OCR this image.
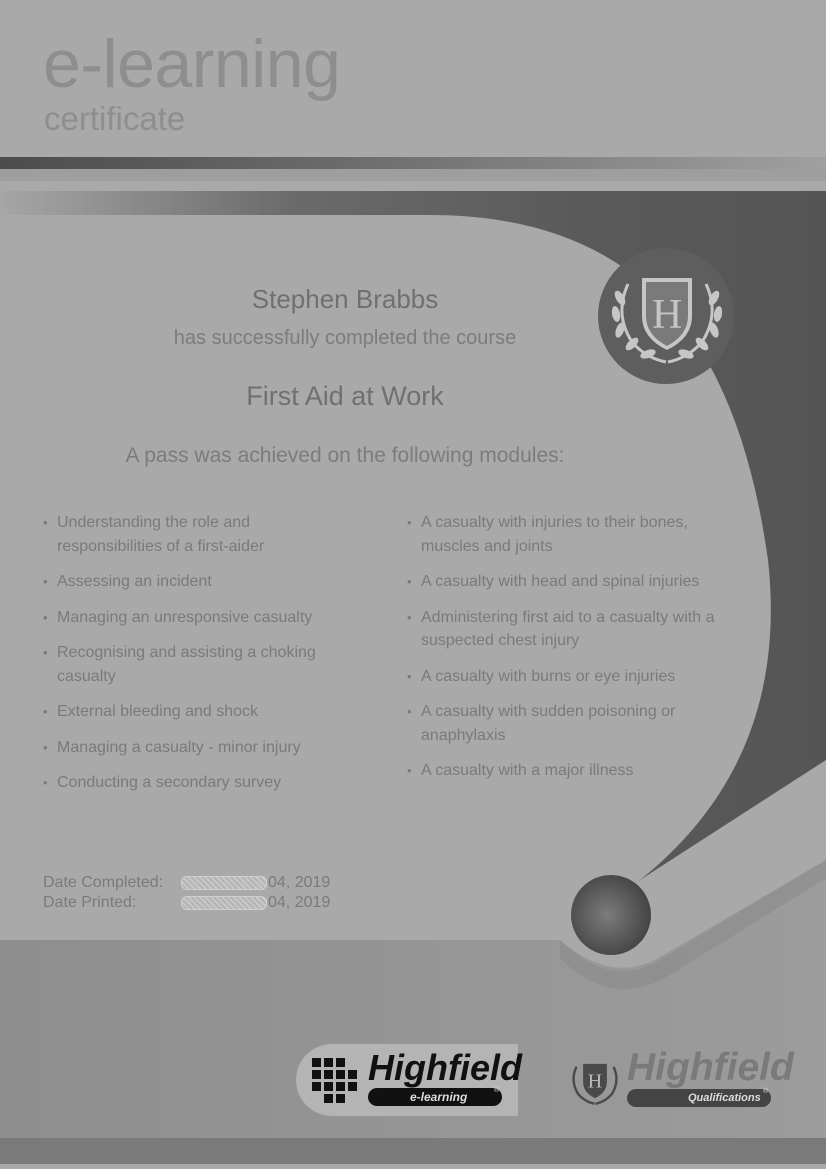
e-learning
certificate
H
Stephen Brabbs
has successfully completed the course
First Aid at Work
A pass was achieved on the following modules:
• Understanding the role and responsibilities of a first-aider
• Assessing an incident
• Managing an unresponsive casualty
• Recognising and assisting a choking casualty
• External bleeding and shock
• Managing a casualty - minor injury
• Conducting a secondary survey
• A casualty with injuries to their bones, muscles and joints
• A casualty with head and spinal injuries
• Administering first aid to a casualty with a suspected chest injury
• A casualty with burns or eye injuries
• A casualty with sudden poisoning or anaphylaxis
• A casualty with a major illness
Date Completed:	04, 2019
Date Printed:	04, 2019
Highfield
e-learning	® H Highfield
Qualifications
®
